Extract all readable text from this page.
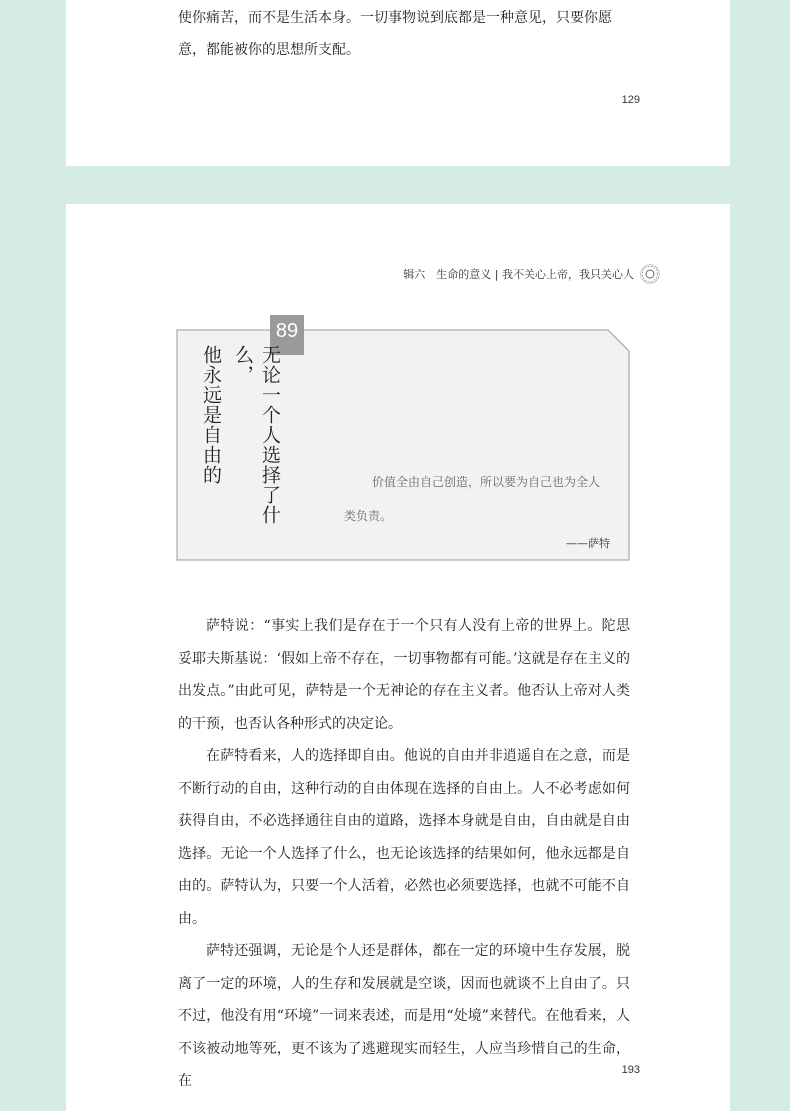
使你痛苦，而不是生活本身。一切事物说到底都是一种意见，只要你愿意，都能被你的思想所支配。

129
辑六　生命的意义 | 我不关心上帝，我只关心人
89
无论一个人选择了什么，
他永远是自由的	价值全由自己创造，所以要为自己也为全人类负责。

——萨特

萨特说：“事实上我们是存在于一个只有人没有上帝的世界上。陀思妥耶夫斯基说：‘假如上帝不存在，一切事物都有可能。’这就是存在主义的出发点。”由此可见，萨特是一个无神论的存在主义者。他否认上帝对人类的干预，也否认各种形式的决定论。

在萨特看来，人的选择即自由。他说的自由并非逍遥自在之意，而是不断行动的自由，这种行动的自由体现在选择的自由上。人不必考虑如何获得自由，不必选择通往自由的道路，选择本身就是自由，自由就是自由选择。无论一个人选择了什么，也无论该选择的结果如何，他永远都是自由的。萨特认为，只要一个人活着，必然也必须要选择，也就不可能不自由。

萨特还强调，无论是个人还是群体，都在一定的环境中生存发展，脱离了一定的环境，人的生存和发展就是空谈，因而也就谈不上自由了。只不过，他没有用“环境”一词来表述，而是用“处境”来替代。在他看来，人不该被动地等死，更不该为了逃避现实而轻生，人应当珍惜自己的生命，在

193
